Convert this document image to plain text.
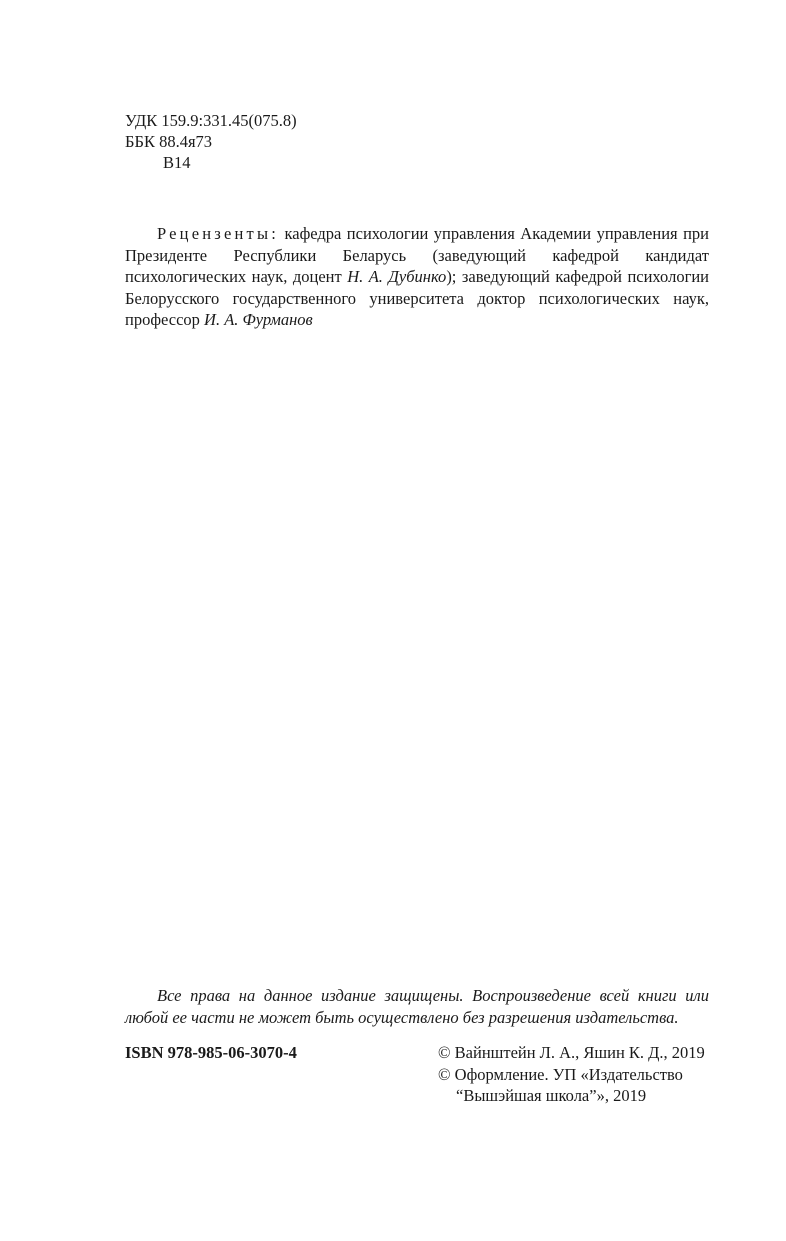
УДК 159.9:331.45(075.8)
ББК 88.4я73
В14
Рецензенты: кафедра психологии управления Академии управления при Президенте Республики Беларусь (заведующий кафедрой кандидат психологических наук, доцент Н. А. Дубинко); заведующий кафедрой психологии Белорусского государственного университета доктор психологических наук, профессор И. А. Фурманов
Все права на данное издание защищены. Воспроизведение всей книги или любой ее части не может быть осуществлено без разрешения издательства.
ISBN 978-985-06-3070-4	© Вайнштейн Л. А., Яшин К. Д., 2019
© Оформление. УП «Издательство
“Вышэйшая школа”», 2019
